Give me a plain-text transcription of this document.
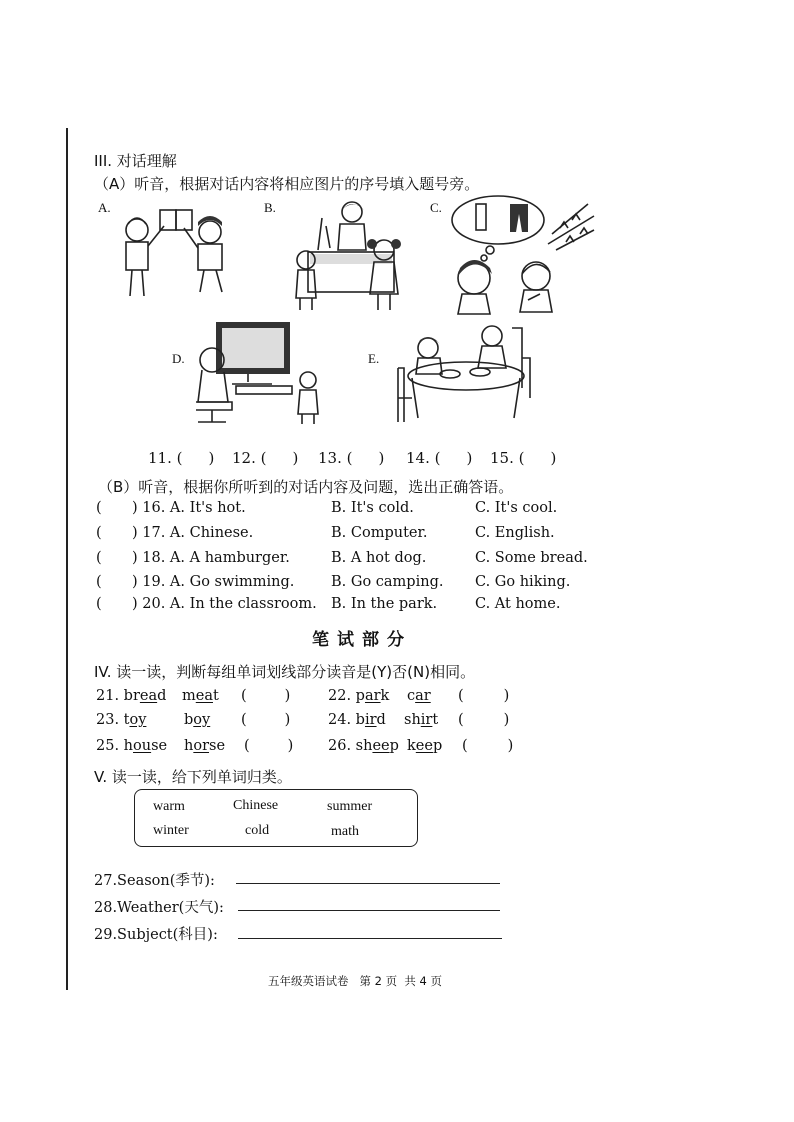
III. 对话理解
（A）听音，根据对话内容将相应图片的序号填入题号旁。
A.	B.	C.
D.	E.
11. ( ) 12. ( ) 13. ( ) 14. ( ) 15. ( )
（B）听音，根据你所听到的对话内容及问题，选出正确答语。
( ) 16. A. It's hot.	B. It's cold.	C. It's cool.
( ) 17. A. Chinese.	B. Computer.	C. English.
( ) 18. A. A hamburger.	B. A hot dog.	C. Some bread.
( ) 19. A. Go swimming.	B. Go camping. C. Go hiking.
( ) 20. A. In the classroom. B. In the park.	C. At home.
笔试部分
IV. 读一读，判断每组单词划线部分读音是(Y)否(N)相同。
21. bread meat (	)	22. park car (	)
23. toy	boy (	)	24. bird shirt (	)
25. house horse (	) 26. sheep keep (	)
V. 读一读，给下列单词归类。
warm	Chinese	summer
winter	cold	math
27.Season(季节):
28.Weather(天气):
29.Subject(科目):
五年级英语试卷   第 2 页  共 4 页
